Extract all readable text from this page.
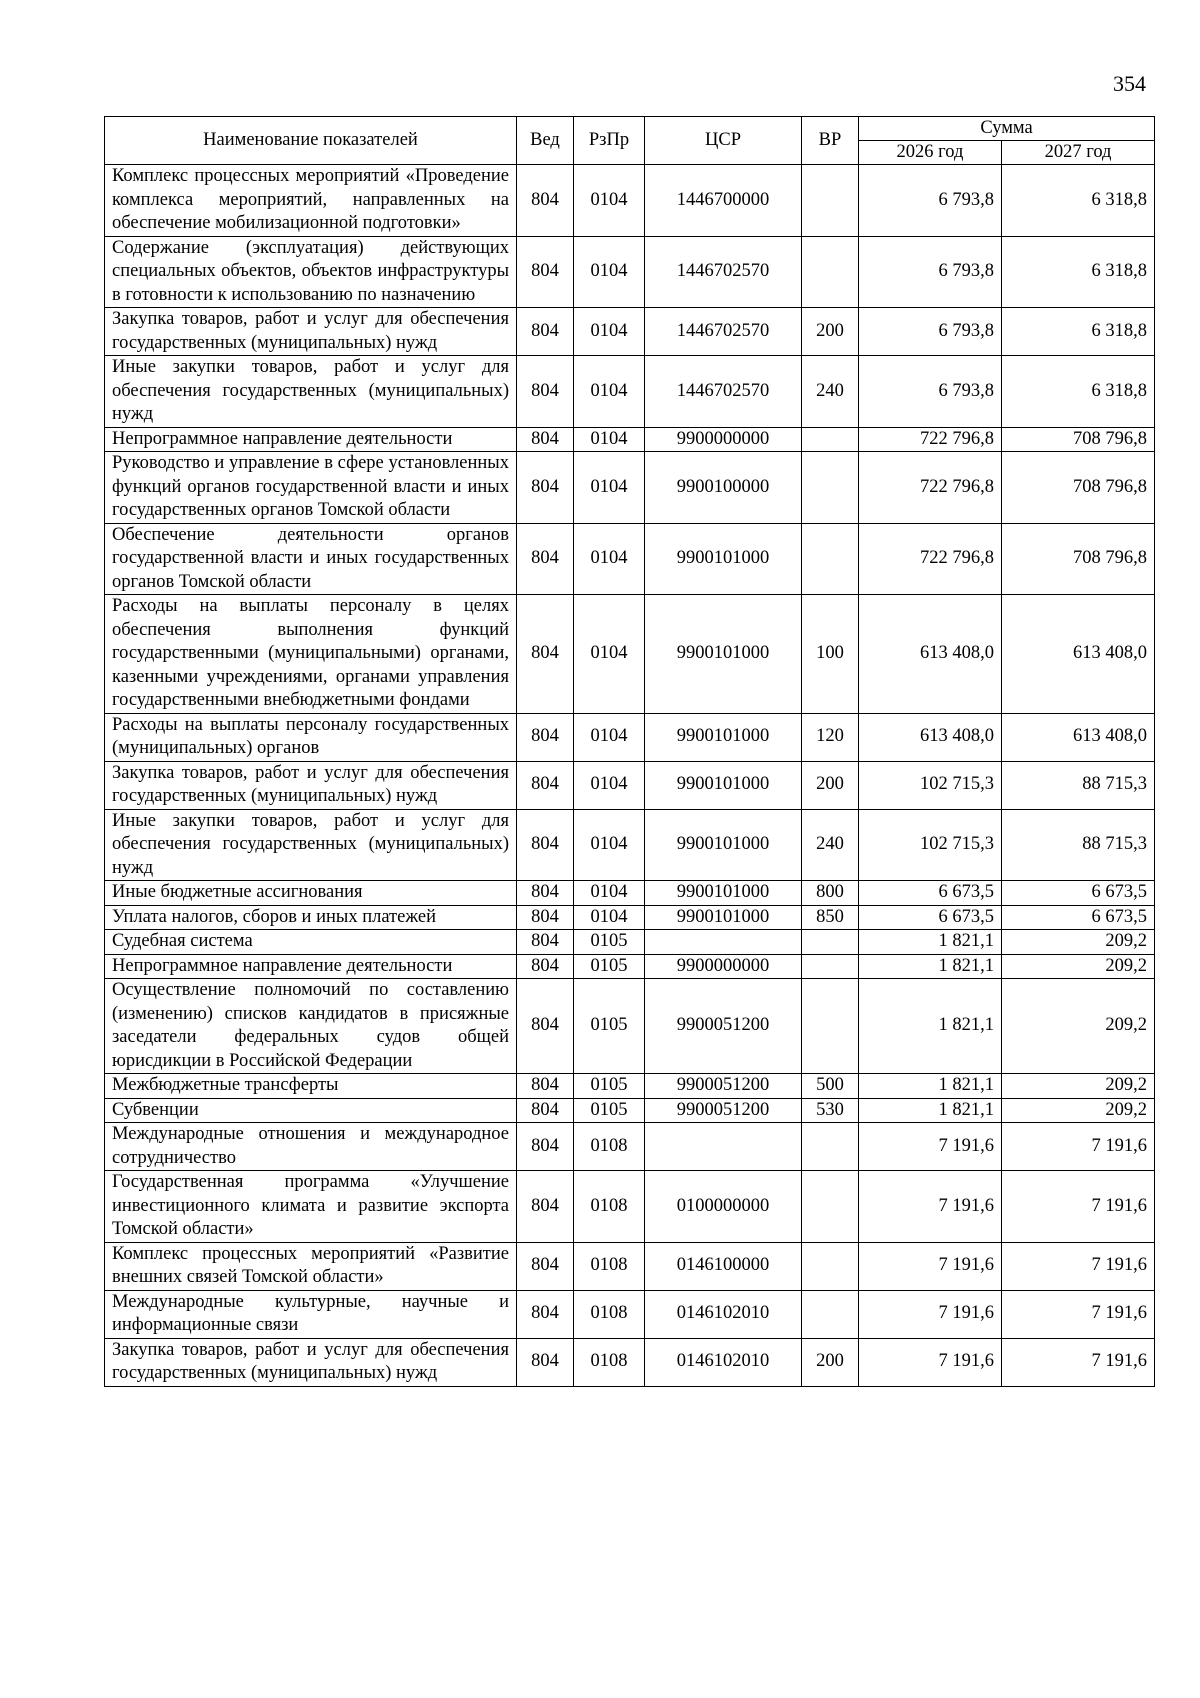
354
Наименование показателей	Вед	РзПр	ЦСР	ВР	Сумма	
					2026 год	2027 год
Комплекс процессных мероприятий «Проведение комплекса мероприятий, направленных на обеспечение мобилизационной подготовки»	804	0104	1446700000		6 793,8	6 318,8
Содержание (эксплуатация) действующих специальных объектов, объектов инфраструктуры в готовности к использованию по назначению	804	0104	1446702570		6 793,8	6 318,8
Закупка товаров, работ и услуг для обеспечения государственных (муниципальных) нужд	804	0104	1446702570	200	6 793,8	6 318,8
Иные закупки товаров, работ и услуг для обеспечения государственных (муниципальных) нужд	804	0104	1446702570	240	6 793,8	6 318,8
Непрограммное направление деятельности	804	0104	9900000000		722 796,8	708 796,8
Руководство и управление в сфере установленных функций органов государственной власти и иных государственных органов Томской области	804	0104	9900100000		722 796,8	708 796,8
Обеспечение деятельности органов государственной власти и иных государственных органов Томской области	804	0104	9900101000		722 796,8	708 796,8
Расходы на выплаты персоналу в целях обеспечения выполнения функций государственными (муниципальными) органами, казенными учреждениями, органами управления государственными внебюджетными фондами	804	0104	9900101000	100	613 408,0	613 408,0
Расходы на выплаты персоналу государственных (муниципальных) органов	804	0104	9900101000	120	613 408,0	613 408,0
Закупка товаров, работ и услуг для обеспечения государственных (муниципальных) нужд	804	0104	9900101000	200	102 715,3	88 715,3
Иные закупки товаров, работ и услуг для обеспечения государственных (муниципальных) нужд	804	0104	9900101000	240	102 715,3	88 715,3
Иные бюджетные ассигнования	804	0104	9900101000	800	6 673,5	6 673,5
Уплата налогов, сборов и иных платежей	804	0104	9900101000	850	6 673,5	6 673,5
Судебная система	804	0105			1 821,1	209,2
Непрограммное направление деятельности	804	0105	9900000000		1 821,1	209,2
Осуществление полномочий по составлению (изменению) списков кандидатов в присяжные заседатели федеральных судов общей юрисдикции в Российской Федерации	804	0105	9900051200		1 821,1	209,2
Межбюджетные трансферты	804	0105	9900051200	500	1 821,1	209,2
Субвенции	804	0105	9900051200	530	1 821,1	209,2
Международные отношения и международное сотрудничество	804	0108			7 191,6	7 191,6
Государственная программа «Улучшение инвестиционного климата и развитие экспорта Томской области»	804	0108	0100000000		7 191,6	7 191,6
Комплекс процессных мероприятий «Развитие внешних связей Томской области»	804	0108	0146100000		7 191,6	7 191,6
Международные культурные, научные и информационные связи	804	0108	0146102010		7 191,6	7 191,6
Закупка товаров, работ и услуг для обеспечения государственных (муниципальных) нужд	804	0108	0146102010	200	7 191,6	7 191,6
